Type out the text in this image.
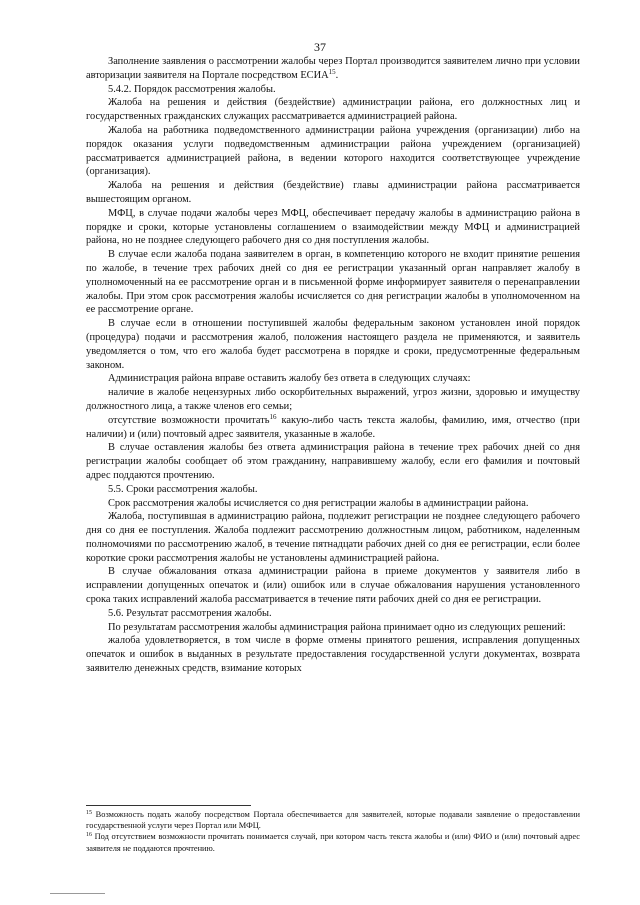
37

Заполнение заявления о рассмотрении жалобы через Портал производится заявителем лично при условии авторизации заявителя на Портале посредством ЕСИА$^{15}$.

5.4.2. Порядок рассмотрения жалобы.

Жалоба на решения и действия (бездействие) администрации района, его должностных лиц и государственных гражданских служащих рассматривается администрацией района.

Жалоба на работника подведомственного администрации района учреждения (организации) либо на порядок оказания услуги подведомственным администрации района учреждением (организацией) рассматривается администрацией района, в ведении которого находится соответствующее учреждение (организация).

Жалоба на решения и действия (бездействие) главы администрации района рассматривается вышестоящим органом.

МФЦ, в случае подачи жалобы через МФЦ, обеспечивает передачу жалобы в администрацию района в порядке и сроки, которые установлены соглашением о взаимодействии между МФЦ и администрацией района, но не позднее следующего рабочего дня со дня поступления жалобы.

В случае если жалоба подана заявителем в орган, в компетенцию которого не входит принятие решения по жалобе, в течение трех рабочих дней со дня ее регистрации указанный орган направляет жалобу в уполномоченный на ее рассмотрение орган и в письменной форме информирует заявителя о перенаправлении жалобы. При этом срок рассмотрения жалобы исчисляется со дня регистрации жалобы в уполномоченном на ее рассмотрение органе.

В случае если в отношении поступившей жалобы федеральным законом установлен иной порядок (процедура) подачи и рассмотрения жалоб, положения настоящего раздела не применяются, и заявитель уведомляется о том, что его жалоба будет рассмотрена в порядке и сроки, предусмотренные федеральным законом.

Администрация района вправе оставить жалобу без ответа в следующих случаях:

наличие в жалобе нецензурных либо оскорбительных выражений, угроз жизни, здоровью и имуществу должностного лица, а также членов его семьи;

отсутствие возможности прочитать$^{16}$ какую-либо часть текста жалобы, фамилию, имя, отчество (при наличии) и (или) почтовый адрес заявителя, указанные в жалобе.

В случае оставления жалобы без ответа администрация района в течение трех рабочих дней со дня регистрации жалобы сообщает об этом гражданину, направившему жалобу, если его фамилия и почтовый адрес поддаются прочтению.

5.5. Сроки рассмотрения жалобы.

Срок рассмотрения жалобы исчисляется со дня регистрации жалобы в администрации района.

Жалоба, поступившая в администрацию района, подлежит регистрации не позднее следующего рабочего дня со дня ее поступления. Жалоба подлежит рассмотрению должностным лицом, работником, наделенным полномочиями по рассмотрению жалоб, в течение пятнадцати рабочих дней со дня ее регистрации, если более короткие сроки рассмотрения жалобы не установлены администрацией района.

В случае обжалования отказа администрации района в приеме документов у заявителя либо в исправлении допущенных опечаток и (или) ошибок или в случае обжалования нарушения установленного срока таких исправлений жалоба рассматривается в течение пяти рабочих дней со дня ее регистрации.

5.6. Результат рассмотрения жалобы.

По результатам рассмотрения жалобы администрация района принимает одно из следующих решений:

жалоба удовлетворяется, в том числе в форме отмены принятого решения, исправления допущенных опечаток и ошибок в выданных в результате предоставления государственной услуги документах, возврата заявителю денежных средств, взимание которых

$^{15}$ Возможность подать жалобу посредством Портала обеспечивается для заявителей, которые подавали заявление о предоставлении государственной услуги через Портал или МФЦ.

$^{16}$ Под отсутствием возможности прочитать понимается случай, при котором часть текста жалобы и (или) ФИО и (или) почтовый адрес заявителя не поддаются прочтению.
